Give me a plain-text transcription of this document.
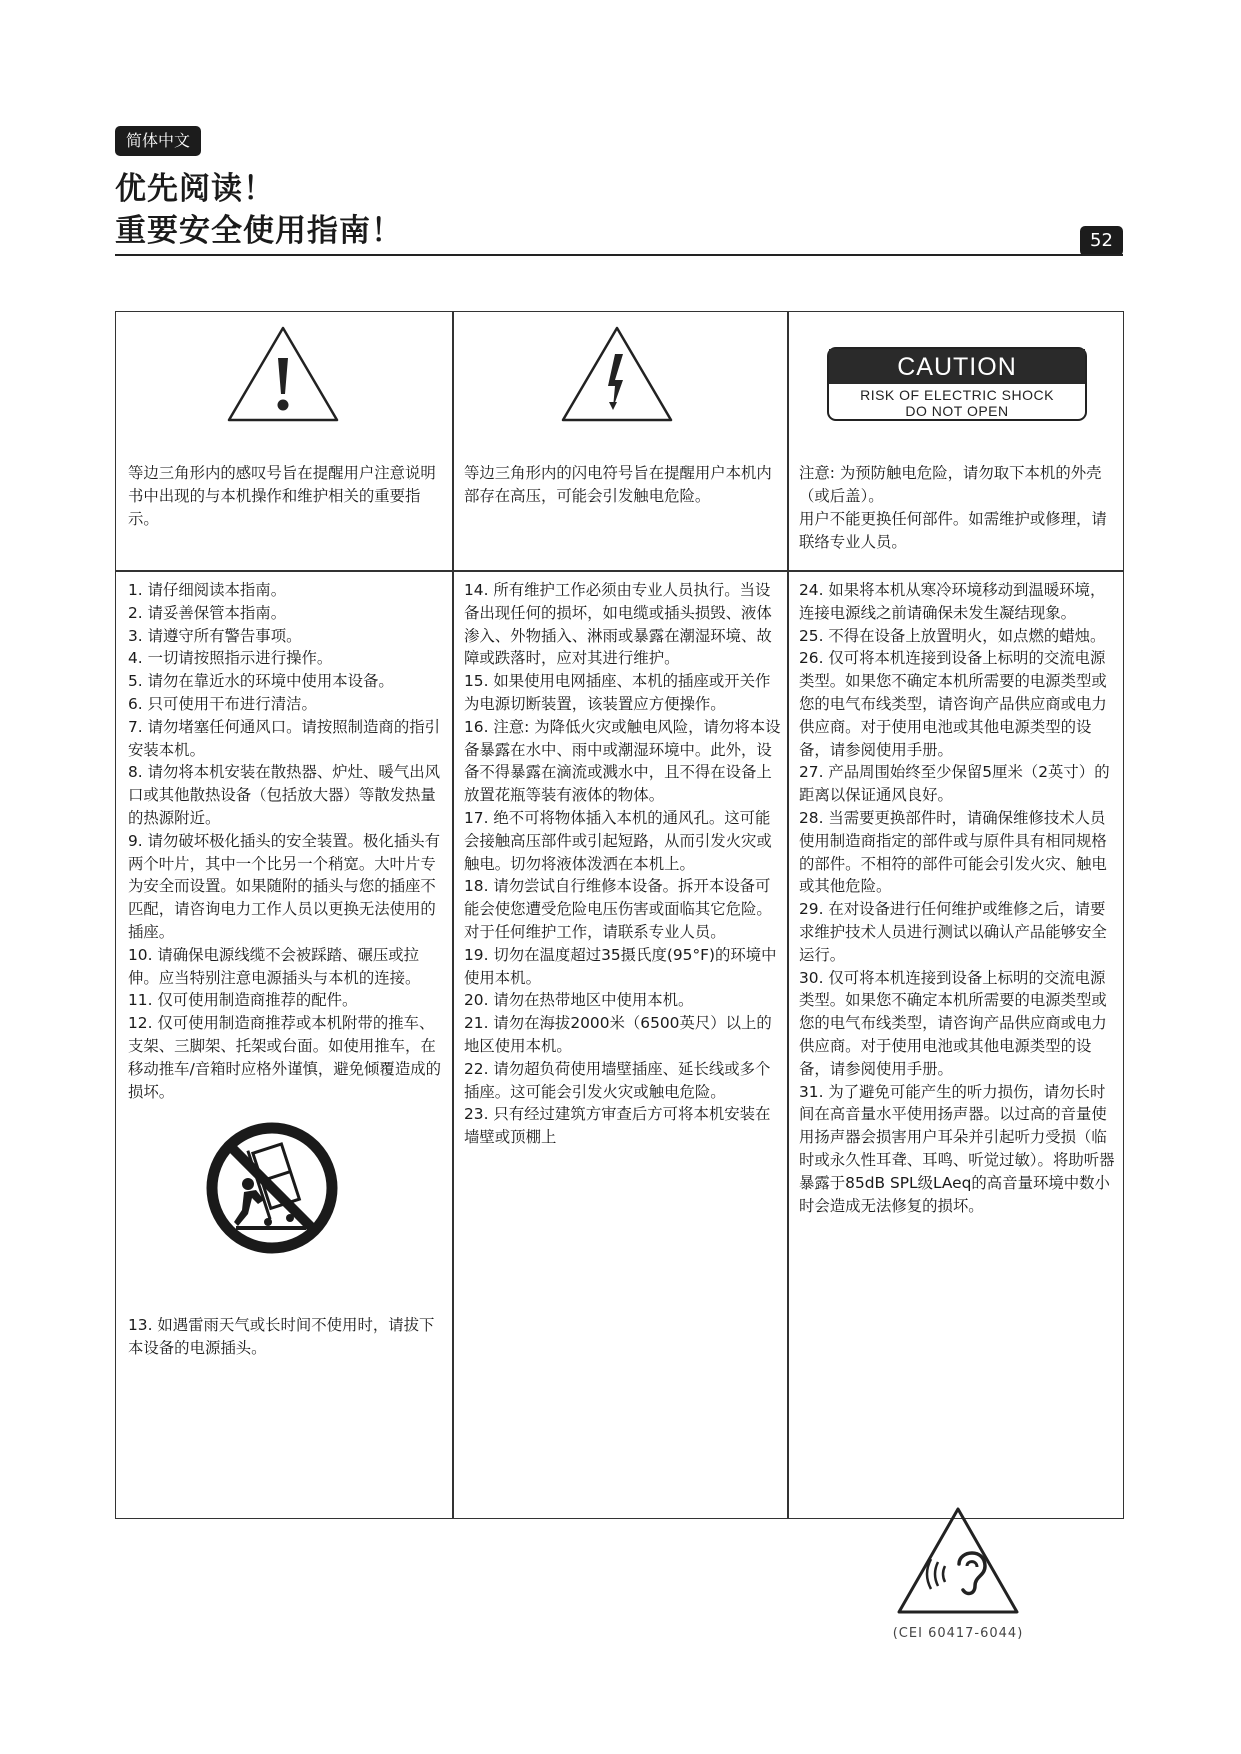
简体中文
优先阅读！
重要安全使用指南！	52
CAUTION
RISK OF ELECTRIC SHOCK
DO NOT OPEN
等边三角形内的感叹号旨在提醒用户注意说明书中出现的与本机操作和维护相关的重要指示。
等边三角形内的闪电符号旨在提醒用户本机内部存在高压，可能会引发触电危险。
注意: 为预防触电危险，请勿取下本机的外壳（或后盖）。
用户不能更换任何部件。如需维护或修理，请联络专业人员。
1. 请仔细阅读本指南。
2. 请妥善保管本指南。
3. 请遵守所有警告事项。
4. 一切请按照指示进行操作。
5. 请勿在靠近水的环境中使用本设备。
6. 只可使用干布进行清洁。
7. 请勿堵塞任何通风口。请按照制造商的指引安装本机。
8. 请勿将本机安装在散热器、炉灶、暖气出风口或其他散热设备（包括放大器）等散发热量的热源附近。
9. 请勿破坏极化插头的安全装置。极化插头有两个叶片，其中一个比另一个稍宽。大叶片专为安全而设置。如果随附的插头与您的插座不匹配，请咨询电力工作人员以更换无法使用的插座。
10. 请确保电源线缆不会被踩踏、碾压或拉伸。应当特别注意电源插头与本机的连接。
11. 仅可使用制造商推荐的配件。
12. 仅可使用制造商推荐或本机附带的推车、支架、三脚架、托架或台面。如使用推车，在移动推车/音箱时应格外谨慎，避免倾覆造成的损坏。
13. 如遇雷雨天气或长时间不使用时，请拔下本设备的电源插头。
14. 所有维护工作必须由专业人员执行。当设备出现任何的损坏，如电缆或插头损毁、液体渗入、外物插入、淋雨或暴露在潮湿环境、故障或跌落时，应对其进行维护。
15. 如果使用电网插座、本机的插座或开关作为电源切断装置，该装置应方便操作。
16. 注意: 为降低火灾或触电风险，请勿将本设备暴露在水中、雨中或潮湿环境中。此外，设备不得暴露在滴流或溅水中，且不得在设备上放置花瓶等装有液体的物体。
17. 绝不可将物体插入本机的通风孔。这可能会接触高压部件或引起短路，从而引发火灾或触电。切勿将液体泼洒在本机上。
18. 请勿尝试自行维修本设备。拆开本设备可能会使您遭受危险电压伤害或面临其它危险。对于任何维护工作，请联系专业人员。
19. 切勿在温度超过35摄氏度(95°F)的环境中使用本机。
20. 请勿在热带地区中使用本机。
21. 请勿在海拔2000米（6500英尺）以上的地区使用本机。
22. 请勿超负荷使用墙壁插座、延长线或多个插座。这可能会引发火灾或触电危险。
23. 只有经过建筑方审查后方可将本机安装在墙壁或顶棚上
24. 如果将本机从寒冷环境移动到温暖环境，连接电源线之前请确保未发生凝结现象。
25. 不得在设备上放置明火，如点燃的蜡烛。
26. 仅可将本机连接到设备上标明的交流电源类型。如果您不确定本机所需要的电源类型或您的电气布线类型，请咨询产品供应商或电力供应商。对于使用电池或其他电源类型的设备，请参阅使用手册。
27. 产品周围始终至少保留5厘米（2英寸）的距离以保证通风良好。
28. 当需要更换部件时，请确保维修技术人员使用制造商指定的部件或与原件具有相同规格的部件。不相符的部件可能会引发火灾、触电或其他危险。
29. 在对设备进行任何维护或维修之后，请要求维护技术人员进行测试以确认产品能够安全运行。
30. 仅可将本机连接到设备上标明的交流电源类型。如果您不确定本机所需要的电源类型或您的电气布线类型，请咨询产品供应商或电力供应商。对于使用电池或其他电源类型的设备，请参阅使用手册。
31. 为了避免可能产生的听力损伤，请勿长时间在高音量水平使用扬声器。以过高的音量使用扬声器会损害用户耳朵并引起听力受损（临时或永久性耳聋、耳鸣、听觉过敏）。将助听器暴露于85dB SPL级LAeq的高音量环境中数小时会造成无法修复的损坏。
(CEI 60417-6044)
